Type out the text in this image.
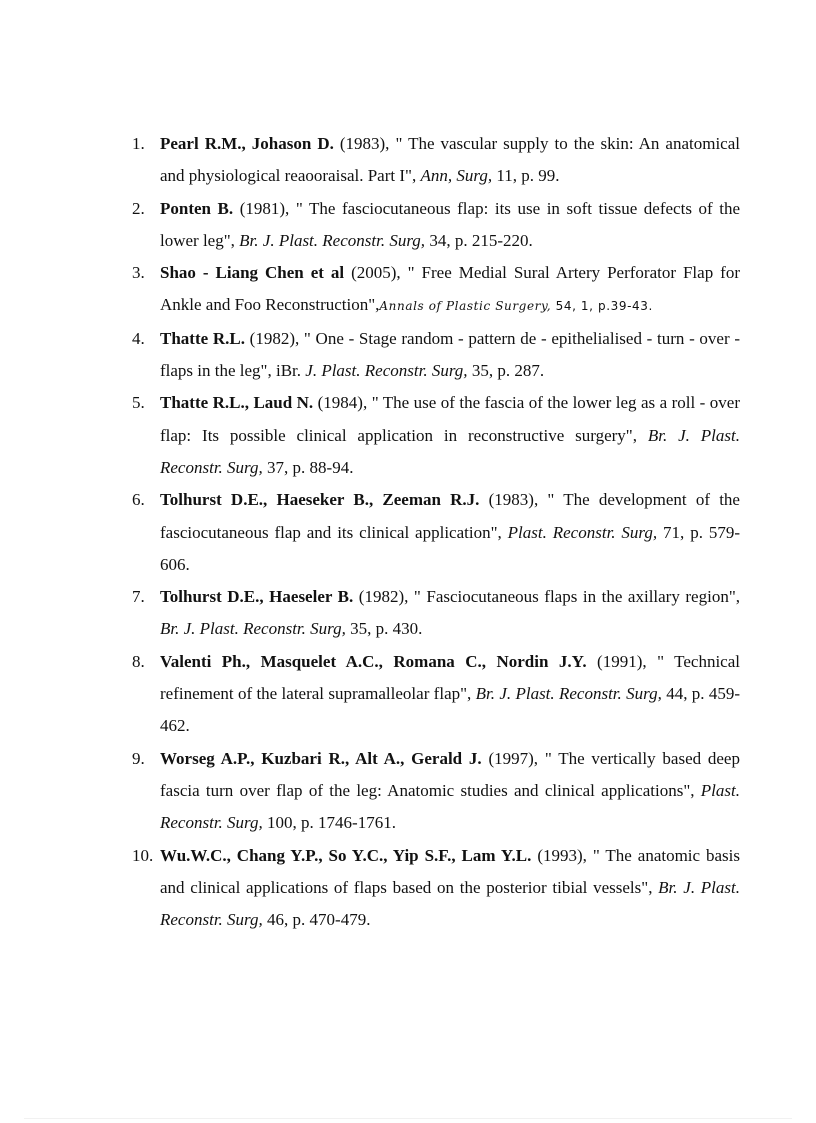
1. Pearl R.M., Johason D. (1983), " The vascular supply to the skin: An anatomical and physiological reaooraisal. Part I", Ann, Surg, 11, p. 99.
2. Ponten B. (1981), " The fasciocutaneous flap: its use in soft tissue defects of the lower leg", Br. J. Plast. Reconstr. Surg, 34, p. 215-220.
3. Shao - Liang Chen et al (2005), " Free Medial Sural Artery Perforator Flap for Ankle and Foo Reconstruction",Annals of Plastic Surgery, 54, 1, p.39-43.
4. Thatte R.L. (1982), " One - Stage random - pattern de - epithelialised - turn - over - flaps in the leg", iBr. J. Plast. Reconstr. Surg, 35, p. 287.
5. Thatte R.L., Laud N. (1984), " The use of the fascia of the lower leg as a roll - over flap: Its possible clinical application in reconstructive surgery", Br. J. Plast. Reconstr. Surg, 37, p. 88-94.
6. Tolhurst D.E., Haeseker B., Zeeman R.J. (1983), " The development of the fasciocutaneous flap and its clinical application", Plast. Reconstr. Surg, 71, p. 579-606.
7. Tolhurst D.E., Haeseler B. (1982), " Fasciocutaneous flaps in the axillary region", Br. J. Plast. Reconstr. Surg, 35, p. 430.
8. Valenti Ph., Masquelet A.C., Romana C., Nordin J.Y. (1991), " Technical refinement of the lateral supramalleolar flap", Br. J. Plast. Reconstr. Surg, 44, p. 459-462.
9. Worseg A.P., Kuzbari R., Alt A., Gerald J. (1997), " The vertically based deep fascia turn over flap of the leg: Anatomic studies and clinical applications", Plast. Reconstr. Surg, 100, p. 1746-1761.
10. Wu.W.C., Chang Y.P., So Y.C., Yip S.F., Lam Y.L. (1993), " The anatomic basis and clinical applications of flaps based on the posterior tibial vessels", Br. J. Plast. Reconstr. Surg, 46, p. 470-479.
